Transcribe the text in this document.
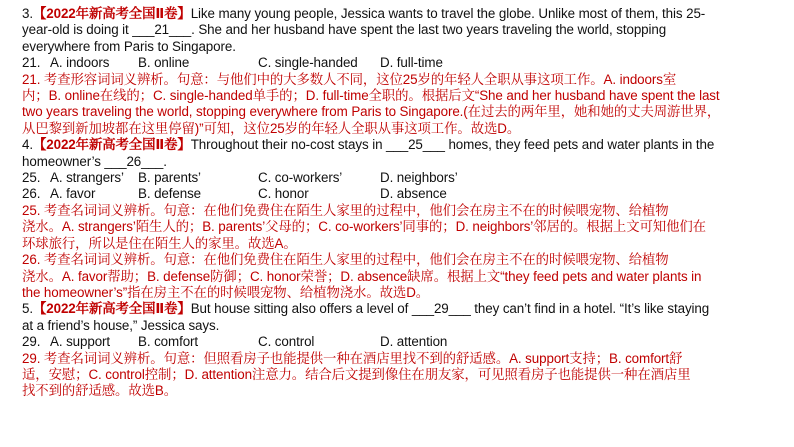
3.【2022年新高考全国Ⅱ卷】Like many young people, Jessica wants to travel the globe. Unlike most of them, this 25-
year-old is doing it ___21___. She and her husband have spent the last two years traveling the world, stopping
everywhere from Paris to Singapore.
21. A. indoors	B. online	C. single-handed	D. full-time
21. 考查形容词词义辨析。句意：与他们中的大多数人不同，这位25岁的年轻人全职从事这项工作。A. indoors室
内；B. online在线的；C. single-handed单手的；D. full-time全职的。根据后文“She and her husband have spent the last
two years traveling the world, stopping everywhere from Paris to Singapore.(在过去的两年里，她和她的丈夫周游世界，
从巴黎到新加坡都在这里停留)”可知，这位25岁的年轻人全职从事这项工作。故选D。
4.【2022年新高考全国Ⅱ卷】Throughout their no-cost stays in ___25___ homes, they feed pets and water plants in the
homeowner’s ___26___.
25. A. strangers’	B. parents’	C. co-workers’	D. neighbors’
26. A. favor	B. defense	C. honor	D. absence
25. 考查名词词义辨析。句意：在他们免费住在陌生人家里的过程中，他们会在房主不在的时候喂宠物、给植物
浇水。A. strangers’陌生人的；B. parents’父母的；C. co-workers’同事的；D. neighbors’邻居的。根据上文可知他们在
环球旅行，所以是住在陌生人的家里。故选A。
26. 考查名词词义辨析。句意：在他们免费住在陌生人家里的过程中，他们会在房主不在的时候喂宠物、给植物
浇水。A. favor帮助；B. defense防御；C. honor荣誉；D. absence缺席。根据上文“they feed pets and water plants in
the homeowner’s”指在房主不在的时候喂宠物、给植物浇水。故选D。
5.【2022年新高考全国Ⅱ卷】But house sitting also offers a level of ___29___ they can’t find in a hotel. “It’s like staying
at a friend’s house,” Jessica says.
29. A. support	B. comfort	C. control	D. attention
29. 考查名词词义辨析。句意：但照看房子也能提供一种在酒店里找不到的舒适感。A. support支持；B. comfort舒
适，安慰；C. control控制；D. attention注意力。结合后文提到像住在朋友家，可见照看房子也能提供一种在酒店里
找不到的舒适感。故选B。
